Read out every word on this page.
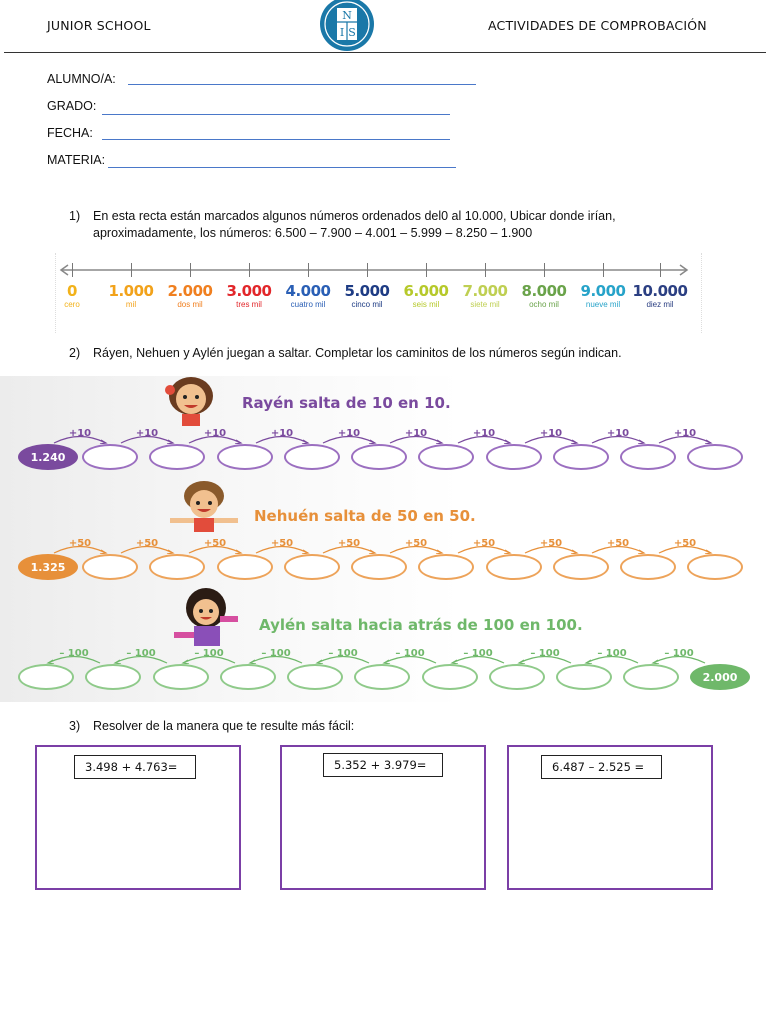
JUNIOR SCHOOL
N
I S	ACTIVIDADES DE COMPROBACIÓN
ALUMNO/A:
GRADO:
FECHA:
MATERIA:
1) En esta recta están marcados algunos números ordenados del0 al 10.000, Ubicar donde irían,
aproximadamente, los números: 6.500 – 7.900 – 4.001 – 5.999 – 8.250 – 1.900
0
cero
1.000
mil
2.000
dos mil
3.000
tres mil
4.000
cuatro mil
5.000
cinco mil
6.000
seis mil
7.000
siete mil
8.000
ocho mil
9.000
nueve mil
10.000
diez mil
2) Ráyen, Nehuen y Aylén juegan a saltar. Completar los caminitos de los números según indican.
Rayén salta de 10 en 10.
1.240
+10	+10	+10	+10	+10	+10	+10	+10	+10	+10
Nehuén salta de 50 en 50.
1.325
+50	+50	+50	+50	+50	+50	+50	+50	+50	+50
Aylén salta hacia atrás de 100 en 100.
2.000
– 100	– 100	– 100	– 100	– 100	– 100	– 100	– 100	– 100	– 100
3) Resolver de la manera que te resulte más fácil:
3.498 + 4.763=	5.352 + 3.979=	6.487 – 2.525 =
